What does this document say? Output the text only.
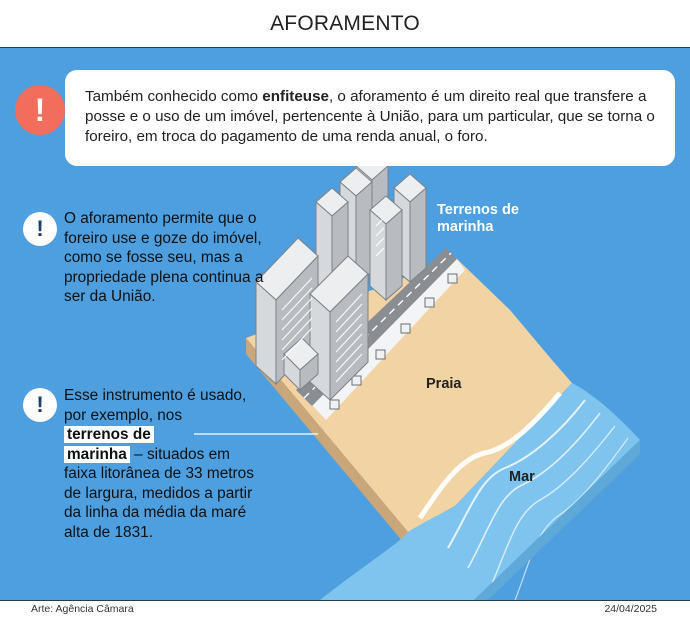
AFORAMENTO
Também conhecido como enfiteuse, o aforamento é um direito real que transfere a posse e o uso de um imóvel, pertencente à União, para um particular, que se torna o foreiro, em troca do pagamento de uma renda anual, o foro.
!
!	O aforamento permite que o foreiro use e goze do imóvel, como se fosse seu, mas a propriedade plena continua a ser da União.
!	Esse instrumento é usado, por exemplo, nos
terrenos de
marinha – situados em faixa litorânea de 33 metros de largura, medidos a partir da linha da média da maré alta de 1831.
Terrenos de
marinha
Praia
Mar
Arte: Agência Câmara	24/04/2025
